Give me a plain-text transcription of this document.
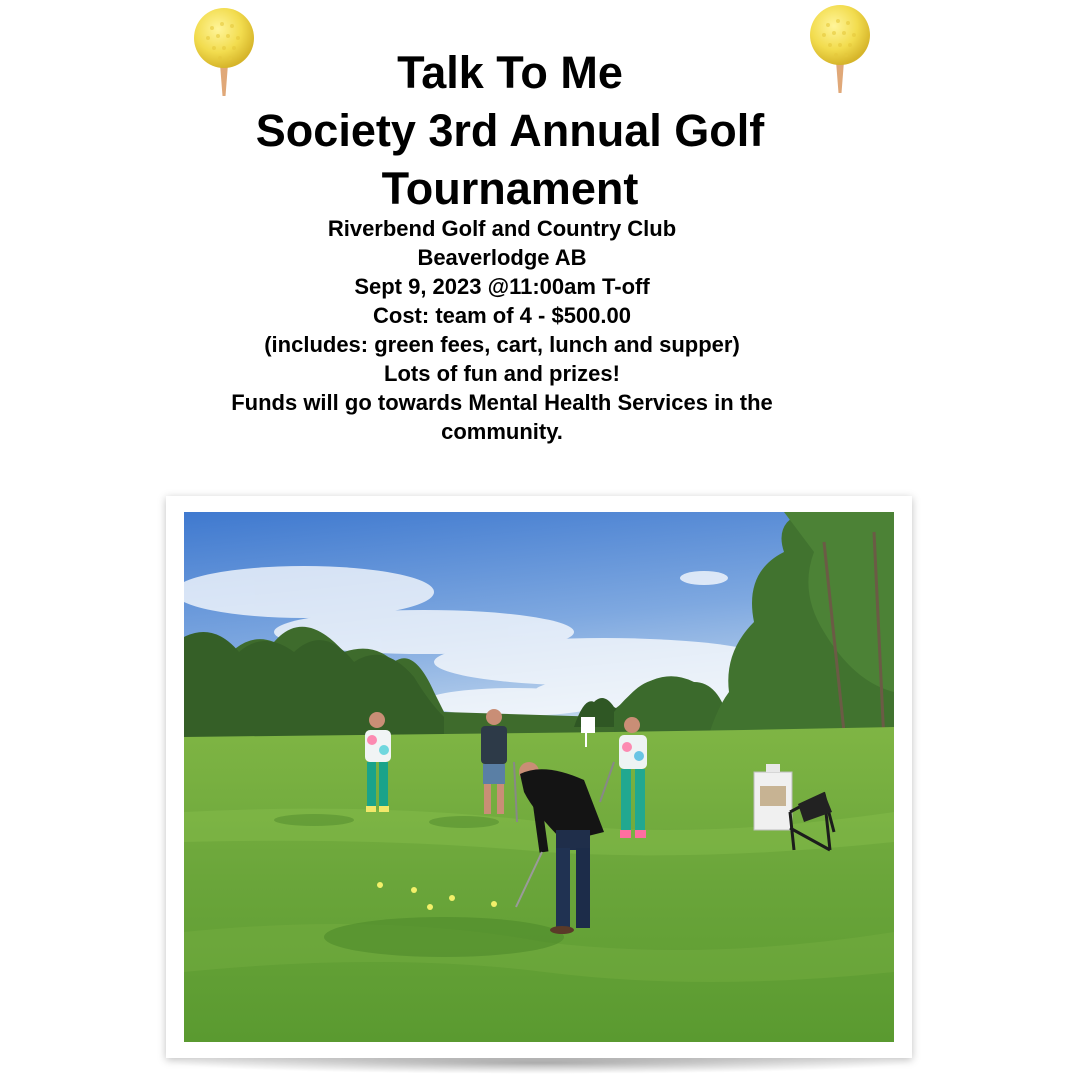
Talk To Me
Society 3rd Annual Golf
Tournament
Riverbend Golf and Country Club
Beaverlodge AB
Sept 9, 2023 @11:00am T-off
Cost: team of 4 - $500.00
(includes: green fees, cart, lunch and supper)
Lots of fun and prizes!
Funds will go towards Mental Health Services in the
community.
